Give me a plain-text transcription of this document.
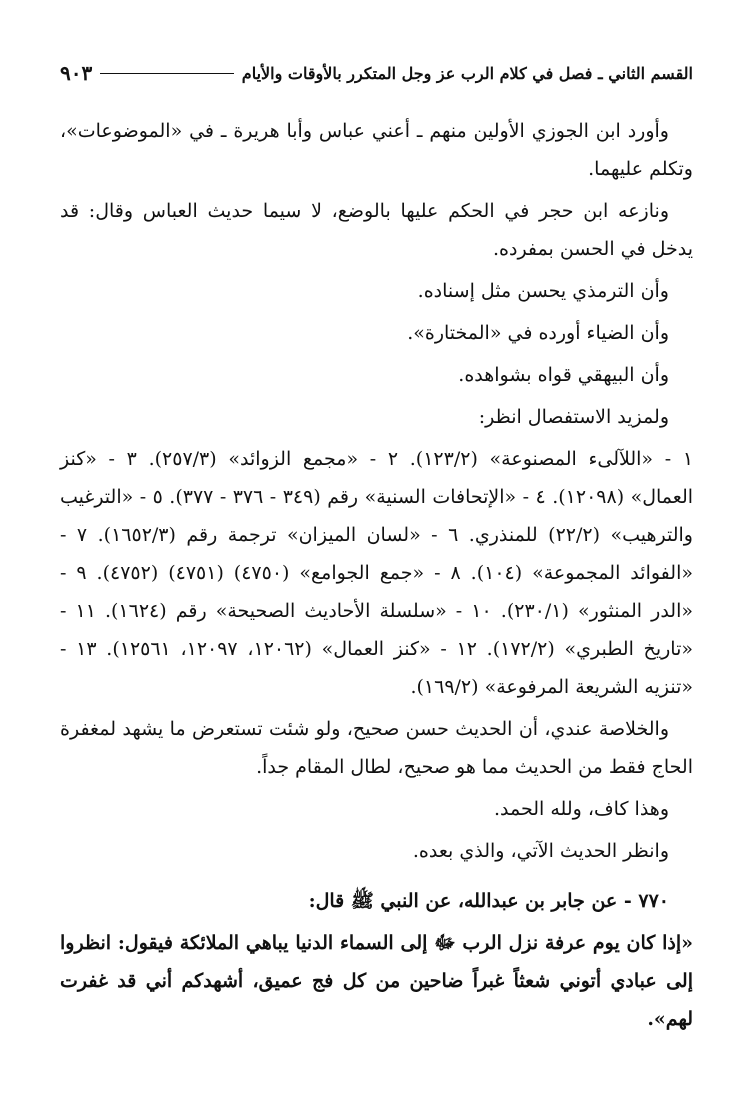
القسم الثاني ـ فصل في كلام الرب عز وجل المتكرر بالأوقات والأيام
٩٠٣

وأورد ابن الجوزي الأولين منهم ـ أعني عباس وأبا هريرة ـ في «الموضوعات»، وتكلم عليهما.

ونازعه ابن حجر في الحكم عليها بالوضع، لا سيما حديث العباس وقال: قد يدخل في الحسن بمفرده.

وأن الترمذي يحسن مثل إسناده.

وأن الضياء أورده في «المختارة».

وأن البيهقي قواه بشواهده.

ولمزيد الاستفصال انظر:

١ - «اللآلىء المصنوعة» (١٢٣/٢). ٢ - «مجمع الزوائد» (٢٥٧/٣). ٣ - «كنز العمال» (١٢٠٩٨). ٤ - «الإتحافات السنية» رقم (٣٤٩ - ٣٧٦ - ٣٧٧). ٥ - «الترغيب والترهيب» (٢٢/٢) للمنذري. ٦ - «لسان الميزان» ترجمة رقم (١٦٥٢/٣). ٧ - «الفوائد المجموعة» (١٠٤). ٨ - «جمع الجوامع» (٤٧٥٠) (٤٧٥١) (٤٧٥٢). ٩ - «الدر المنثور» (٢٣٠/١). ١٠ - «سلسلة الأحاديث الصحيحة» رقم (١٦٢٤). ١١ - «تاريخ الطبري» (١٧٢/٢). ١٢ - «كنز العمال» (١٢٠٦٢، ١٢٠٩٧، ١٢٥٦١). ١٣ - «تنزيه الشريعة المرفوعة» (١٦٩/٢).

والخلاصة عندي، أن الحديث حسن صحيح، ولو شئت تستعرض ما يشهد لمغفرة الحاج فقط من الحديث مما هو صحيح، لطال المقام جداً.

وهذا كاف، ولله الحمد.

وانظر الحديث الآتي، والذي بعده.

٧٧٠ - عن جابر بن عبدالله، عن النبي ﷺ قال:

«إذا كان يوم عرفة نزل الرب ﷻ إلى السماء الدنيا يباهي الملائكة فيقول: انظروا إلى عبادي أتوني شعثاً غبراً ضاحين من كل فج عميق، أشهدكم أني قد غفرت لهم».
